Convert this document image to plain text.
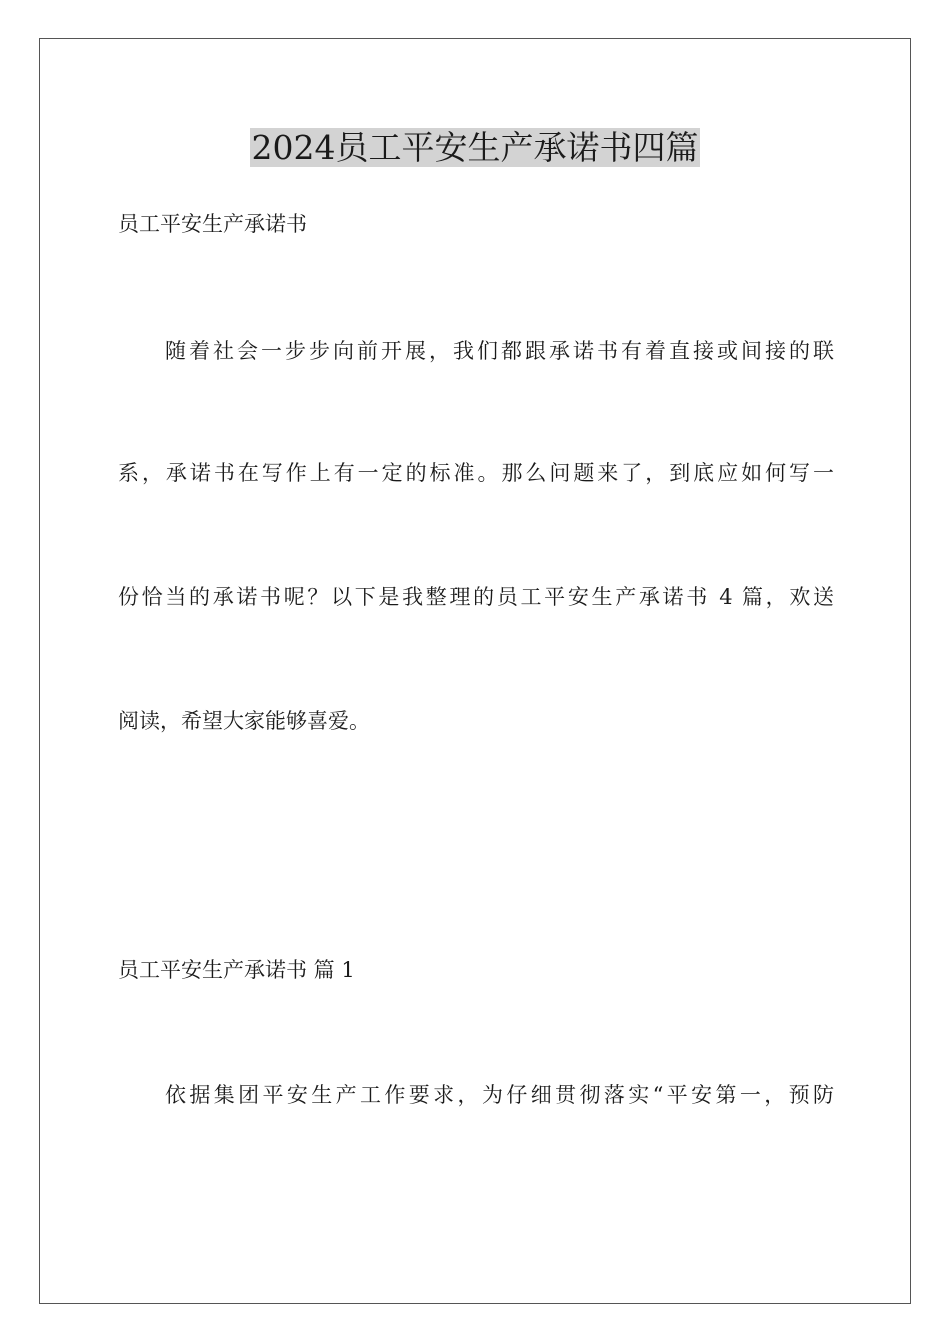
2024员工平安生产承诺书四篇

员工平安生产承诺书

随着社会一步步向前开展，我们都跟承诺书有着直接或间接的联

系，承诺书在写作上有一定的标准。那么问题来了，到底应如何写一

份恰当的承诺书呢？以下是我整理的员工平安生产承诺书 4 篇，欢送

阅读，希望大家能够喜爱。

员工平安生产承诺书 篇 1

依据集团平安生产工作要求，为仔细贯彻落实“平安第一，预防
